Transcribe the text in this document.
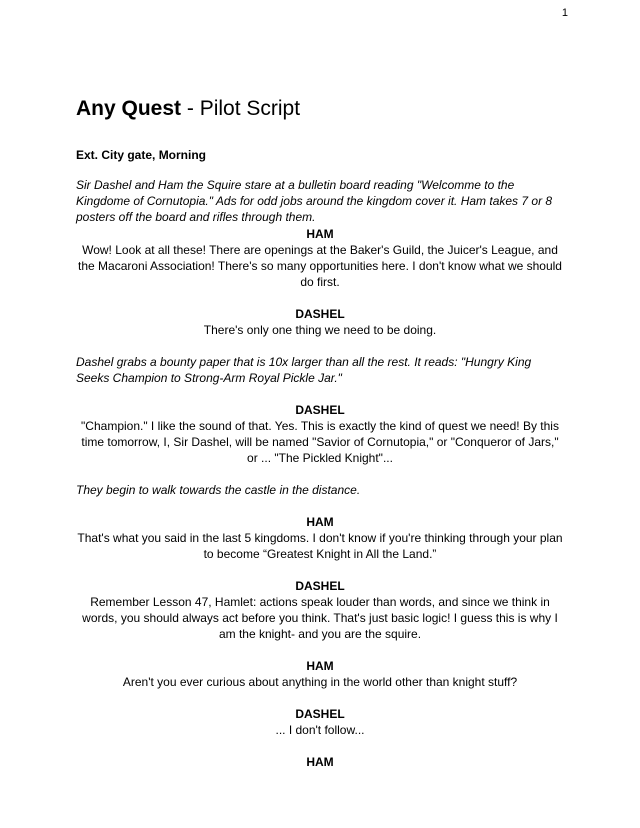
1
Any Quest - Pilot Script

Ext. City gate, Morning

Sir Dashel and Ham the Squire stare at a bulletin board reading "Welcomme to the Kingdome of Cornutopia." Ads for odd jobs around the kingdom cover it. Ham takes 7 or 8 posters off the board and rifles through them.

HAM

Wow! Look at all these! There are openings at the Baker's Guild, the Juicer's League, and the Macaroni Association! There's so many opportunities here. I don't know what we should do first.

DASHEL

There's only one thing we need to be doing.

Dashel grabs a bounty paper that is 10x larger than all the rest. It reads: "Hungry King Seeks Champion to Strong-Arm Royal Pickle Jar."

DASHEL

"Champion." I like the sound of that. Yes. This is exactly the kind of quest we need! By this time tomorrow, I, Sir Dashel, will be named "Savior of Cornutopia," or "Conqueror of Jars," or ... "The Pickled Knight"...

They begin to walk towards the castle in the distance.

HAM

That's what you said in the last 5 kingdoms. I don't know if you're thinking through your plan to become “Greatest Knight in All the Land.”

DASHEL

Remember Lesson 47, Hamlet: actions speak louder than words, and since we think in words, you should always act before you think. That's just basic logic! I guess this is why I am the knight- and you are the squire.

HAM

Aren't you ever curious about anything in the world other than knight stuff?

DASHEL

... I don't follow...

HAM
